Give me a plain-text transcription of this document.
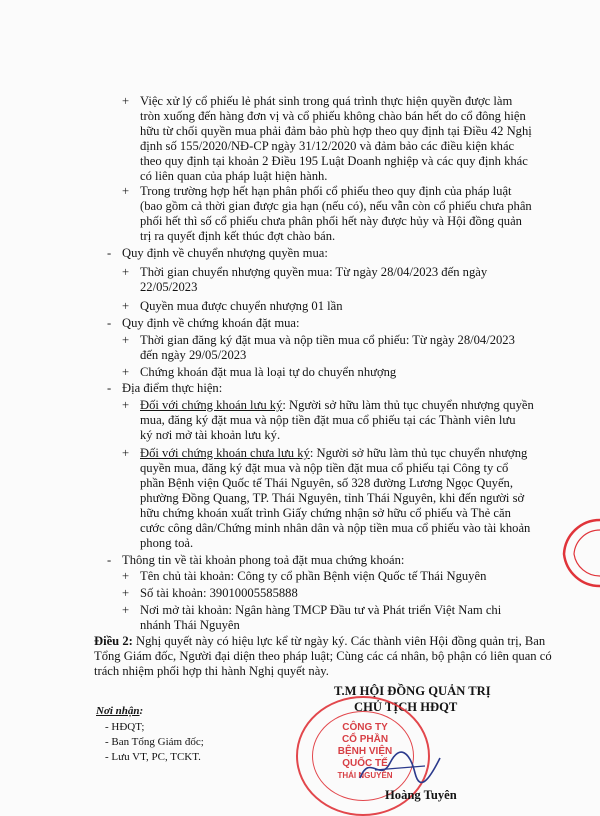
+ Việc xử lý cổ phiếu lẻ phát sinh trong quá trình thực hiện quyền được làm
tròn xuống đến hàng đơn vị và cổ phiếu không chào bán hết do cổ đông hiện
hữu từ chối quyền mua phải đảm bảo phù hợp theo quy định tại Điều 42 Nghị
định số 155/2020/NĐ-CP ngày 31/12/2020 và đảm bảo các điều kiện khác
theo quy định tại khoản 2 Điều 195 Luật Doanh nghiệp và các quy định khác
có liên quan của pháp luật hiện hành.
+ Trong trường hợp hết hạn phân phối cổ phiếu theo quy định của pháp luật
(bao gồm cả thời gian được gia hạn (nếu có), nếu vẫn còn cổ phiếu chưa phân
phối hết thì số cổ phiếu chưa phân phối hết này được hủy và Hội đồng quản
trị ra quyết định kết thúc đợt chào bán.
- Quy định về chuyển nhượng quyền mua:
+ Thời gian chuyển nhượng quyền mua: Từ ngày 28/04/2023 đến ngày
22/05/2023
+ Quyền mua được chuyển nhượng 01 lần
- Quy định về chứng khoán đặt mua:
+ Thời gian đăng ký đặt mua và nộp tiền mua cổ phiếu: Từ ngày 28/04/2023
đến ngày 29/05/2023
+ Chứng khoán đặt mua là loại tự do chuyển nhượng
- Địa điểm thực hiện:
+ Đối với chứng khoán lưu ký: Người sở hữu làm thủ tục chuyển nhượng quyền
mua, đăng ký đặt mua và nộp tiền đặt mua cổ phiếu tại các Thành viên lưu
ký nơi mở tài khoản lưu ký.
+ Đối với chứng khoán chưa lưu ký: Người sở hữu làm thủ tục chuyển nhượng
quyền mua, đăng ký đặt mua và nộp tiền đặt mua cổ phiếu tại Công ty cổ
phần Bệnh viện Quốc tế Thái Nguyên, số 328 đường Lương Ngọc Quyến,
phường Đồng Quang, TP. Thái Nguyên, tỉnh Thái Nguyên, khi đến người sở
hữu chứng khoán xuất trình Giấy chứng nhận sở hữu cổ phiếu và Thẻ căn
cước công dân/Chứng minh nhân dân và nộp tiền mua cổ phiếu vào tài khoản
phong toả.
- Thông tin về tài khoản phong toả đặt mua chứng khoán:
+ Tên chủ tài khoản: Công ty cổ phần Bệnh viện Quốc tế Thái Nguyên
+ Số tài khoản: 39010005585888
+ Nơi mở tài khoản: Ngân hàng TMCP Đầu tư và Phát triển Việt Nam chi
nhánh Thái Nguyên
Điều 2: Nghị quyết này có hiệu lực kể từ ngày ký. Các thành viên Hội đồng quản trị, Ban
Tổng Giám đốc, Người đại diện theo pháp luật; Cùng các cá nhân, bộ phận có liên quan có
trách nhiệm phối hợp thi hành Nghị quyết này.
Nơi nhận:
- HĐQT;
- Ban Tổng Giám đốc;
- Lưu VT, PC, TCKT.
T.M HỘI ĐỒNG QUẢN TRỊ
CHỦ TỊCH HĐQT
CÔNG TY
CỔ PHẦN
BỆNH VIỆN
QUỐC TẾ
THÁI NGUYÊN
Hoàng Tuyên
